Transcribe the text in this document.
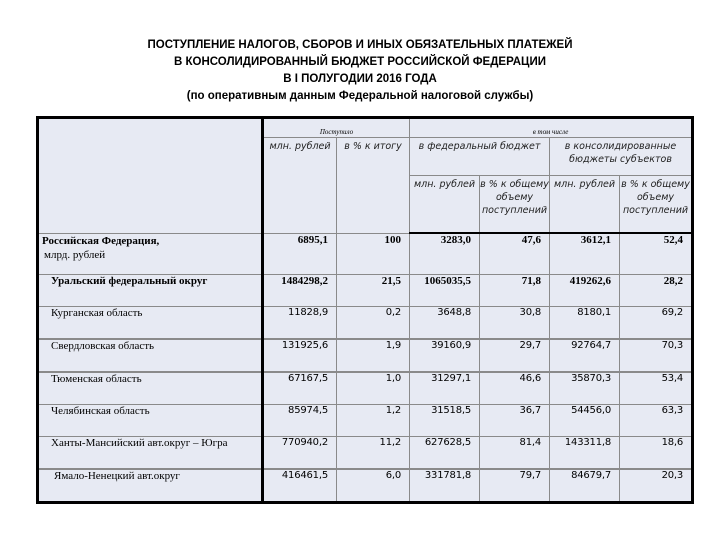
ПОСТУПЛЕНИЕ НАЛОГОВ, СБОРОВ И ИНЫХ ОБЯЗАТЕЛЬНЫХ ПЛАТЕЖЕЙ
В КОНСОЛИДИРОВАННЫЙ БЮДЖЕТ РОССИЙСКОЙ ФЕДЕРАЦИИ
В I ПОЛУГОДИИ 2016 ГОДА
(по оперативным данным Федеральной налоговой службы)
	Поступило		в том числе			
	млн. рублей	в % к итогу	в федеральный бюджет		в консолидированные бюджеты субъектов	
			млн. рублей	в % к общему объему поступлений	млн. рублей	в % к общему объему поступлений

Российская Федерация,
млрд. рублей	6895,1	100	3283,0	47,6	3612,1	52,4
Уральский федеральный округ	1484298,2	21,5	1065035,5	71,8	419262,6	28,2
Курганская область	11828,9	0,2	3648,8	30,8	8180,1	69,2
Свердловская область	131925,6	1,9	39160,9	29,7	92764,7	70,3
Тюменская область	67167,5	1,0	31297,1	46,6	35870,3	53,4
Челябинская область	85974,5	1,2	31518,5	36,7	54456,0	63,3
Ханты-Мансийский авт.округ – Югра	770940,2	11,2	627628,5	81,4	143311,8	18,6
Ямало-Ненецкий авт.округ	416461,5	6,0	331781,8	79,7	84679,7	20,3
